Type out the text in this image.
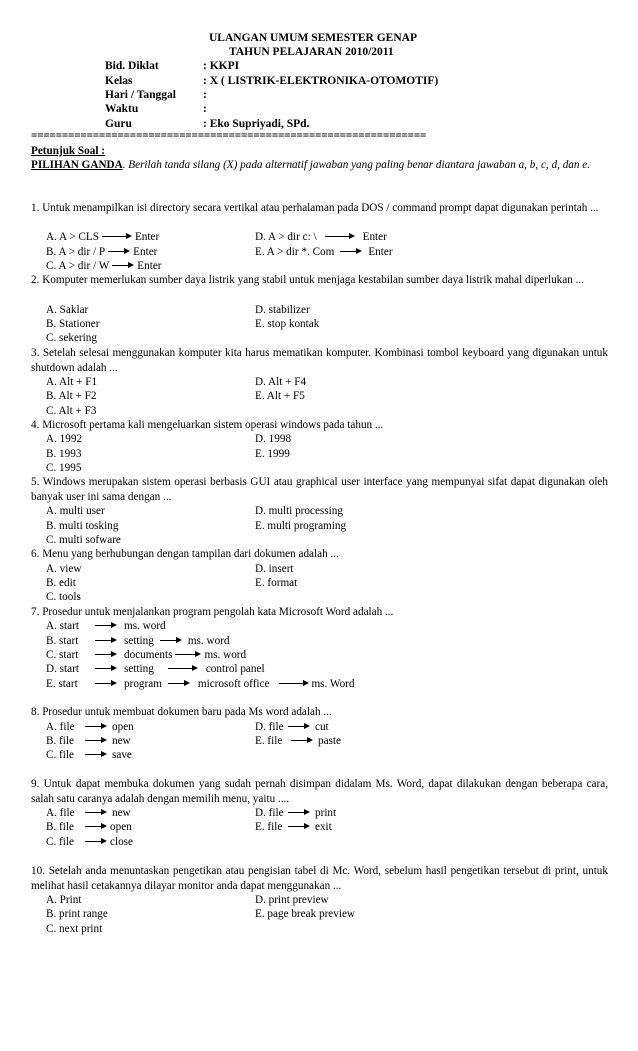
ULANGAN UMUM SEMESTER GENAP
TAHUN PELAJARAN 2010/2011
Bid. Diklat	: KKPI
Kelas	: X ( LISTRIK-ELEKTRONIKA-OTOMOTIF)
Hari / Tanggal :
Waktu	:
Guru	: Eko Supriyadi, SPd.
================================================================
Petunjuk Soal :
PILIHAN GANDA. Berilah tanda silang (X) pada alternatif jawaban yang paling benar diantara jawaban a, b, c, d, dan e.
1. Untuk menampilkan isi directory secara vertikal atau perhalaman pada DOS / command prompt dapat digunakan perintah ...
A. A > CLS	Enter
B. A > dir / P	Enter
C. A > dir / W	Enter
D. A > dir c: \	Enter
E. A > dir *. Com	Enter
2. Komputer memerlukan sumber daya listrik yang stabil untuk menjaga kestabilan sumber daya listrik mahal diperlukan ...
A. Saklar
B. Stationer
C. sekering
D. stabilizer
E. stop kontak
3. Setelah selesai menggunakan komputer kita harus mematikan komputer. Kombinasi tombol keyboard yang digunakan untuk shutdown adalah ...
A. Alt + F1
B. Alt + F2
C. Alt + F3
D. Alt + F4
E. Alt + F5
4. Microsoft pertama kali mengeluarkan sistem operasi windows pada tahun ...
A. 1992
B. 1993
C. 1995
D. 1998
E. 1999
5. Windows merupakan sistem operasi berbasis GUI atau graphical user interface yang mempunyai sifat dapat digunakan oleh banyak user ini sama dengan ...
A. multi user
B. multi tosking
C. multi sofware
D. multi processing
E. multi programing
6. Menu yang berhubungan dengan tampilan dari dokumen adalah ...
A. view
B. edit
C. tools
D. insert
E. format
7. Prosedur untuk menjalankan program pengolah kata Microsoft Word adalah ...
A. start	ms. word
B. start	setting	ms. word
C. start	documents	ms. word
D. start	setting	control panel
E. start	program	microsoft office	ms. Word
8. Prosedur untuk membuat dokumen baru pada Ms word adalah ...
A. file	open
B. file	new
C. file	save
D. file	cut
E. file	paste
9. Untuk dapat membuka dokumen yang sudah pernah disimpan didalam Ms. Word, dapat dilakukan dengan beberapa cara, salah satu caranya adalah dengan memilih menu, yaitu ....
A. file	new
B. file	open
C. file	close
D. file	print
E. file	exit
10. Setelah anda menuntaskan pengetikan atau pengisian tabel di Mc. Word, sebelum hasil pengetikan tersebut di print, untuk melihat hasil cetakannya dilayar monitor anda dapat menggunakan ...
A. Print
B. print range
C. next print
D. print preview
E. page break preview
